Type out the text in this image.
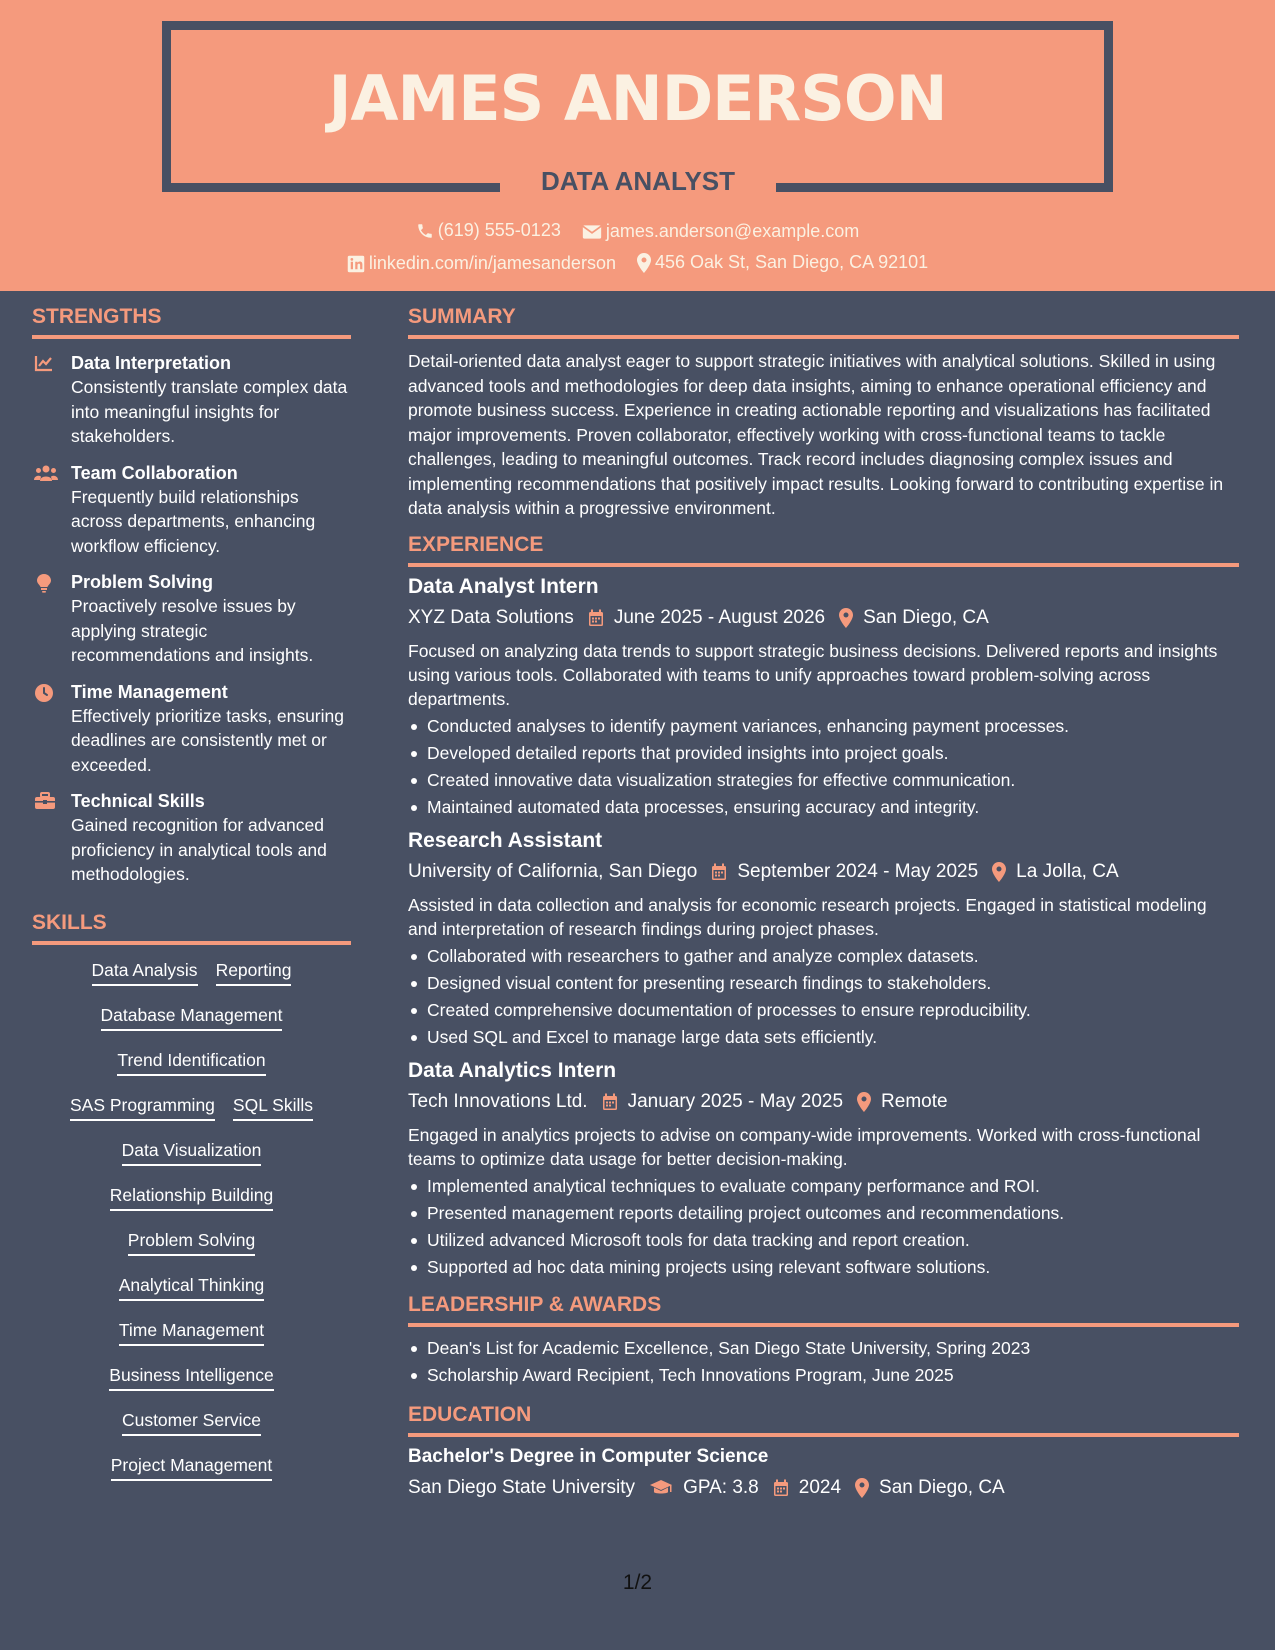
JAMES ANDERSON
DATA ANALYST
(619) 555-0123
	james.anderson@example.com
linkedin.com/in/jamesanderson
456 Oak St, San Diego, CA 92101
STRENGTHS
Data Interpretation
Consistently translate complex data into meaningful insights for stakeholders.
Team Collaboration
Frequently build relationships across departments, enhancing workflow efficiency.
Problem Solving
Proactively resolve issues by applying strategic recommendations and insights.
Time Management
Effectively prioritize tasks, ensuring deadlines are consistently met or exceeded.
Technical Skills
Gained recognition for advanced proficiency in analytical tools and methodologies.
SKILLS
Data Analysis Reporting
Database Management
Trend Identification
SAS Programming SQL Skills
Data Visualization
Relationship Building
Problem Solving
Analytical Thinking
Time Management
Business Intelligence
Customer Service
Project Management
SUMMARY
Detail-oriented data analyst eager to support strategic initiatives with analytical solutions. Skilled in using advanced tools and methodologies for deep data insights, aiming to enhance operational efficiency and promote business success. Experience in creating actionable reporting and visualizations has facilitated major improvements. Proven collaborator, effectively working with cross-functional teams to tackle challenges, leading to meaningful outcomes. Track record includes diagnosing complex issues and implementing recommendations that positively impact results. Looking forward to contributing expertise in data analysis within a progressive environment.
EXPERIENCE
Data Analyst Intern
XYZ Data Solutions June 2025 - August 2026 San Diego, CA
Focused on analyzing data trends to support strategic business decisions. Delivered reports and insights using various tools. Collaborated with teams to unify approaches toward problem-solving across departments.
Conducted analyses to identify payment variances, enhancing payment processes.
Developed detailed reports that provided insights into project goals.
Created innovative data visualization strategies for effective communication.
Maintained automated data processes, ensuring accuracy and integrity.
Research Assistant
University of California, San Diego September 2024 - May 2025 La Jolla, CA
Assisted in data collection and analysis for economic research projects. Engaged in statistical modeling and interpretation of research findings during project phases.
Collaborated with researchers to gather and analyze complex datasets.
Designed visual content for presenting research findings to stakeholders.
Created comprehensive documentation of processes to ensure reproducibility.
Used SQL and Excel to manage large data sets efficiently.
Data Analytics Intern
Tech Innovations Ltd. January 2025 - May 2025 Remote
Engaged in analytics projects to advise on company-wide improvements. Worked with cross-functional teams to optimize data usage for better decision-making.
Implemented analytical techniques to evaluate company performance and ROI.
Presented management reports detailing project outcomes and recommendations.
Utilized advanced Microsoft tools for data tracking and report creation.
Supported ad hoc data mining projects using relevant software solutions.
LEADERSHIP & AWARDS
Dean's List for Academic Excellence, San Diego State University, Spring 2023
Scholarship Award Recipient, Tech Innovations Program, June 2025
EDUCATION
Bachelor's Degree in Computer Science
San Diego State University	GPA: 3.8 2024 San Diego, CA
1/2
